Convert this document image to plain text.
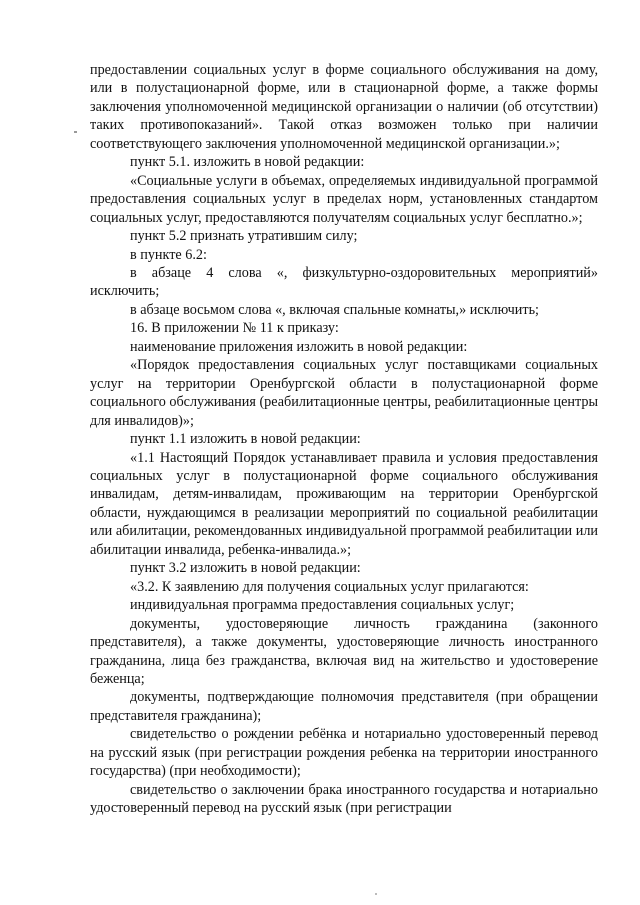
предоставлении социальных услуг в форме социального обслуживания на дому, или в полустационарной форме, или в стационарной форме, а также формы заключения уполномоченной медицинской организации о наличии (об отсутствии) таких противопоказаний». Такой отказ возможен только при наличии соответствующего заключения уполномоченной медицинской организации.»;

пункт 5.1. изложить в новой редакции:

«Социальные услуги в объемах, определяемых индивидуальной программой предоставления социальных услуг в пределах норм, установленных стандартом социальных услуг, предоставляются получателям социальных услуг бесплатно.»;

пункт 5.2 признать утратившим силу;

в пункте 6.2:

в абзаце 4 слова «, физкультурно-оздоровительных мероприятий» исключить;

в абзаце восьмом слова «, включая спальные комнаты,» исключить;

16. В приложении № 11 к приказу:

наименование приложения изложить в новой редакции:

«Порядок предоставления социальных услуг поставщиками социальных услуг на территории Оренбургской области в полустационарной форме социального обслуживания (реабилитационные центры, реабилитационные центры для инвалидов)»;

пункт 1.1 изложить в новой редакции:

«1.1 Настоящий Порядок устанавливает правила и условия предоставления социальных услуг в полустационарной форме социального обслуживания инвалидам, детям-инвалидам, проживающим на территории Оренбургской области, нуждающимся в реализации мероприятий по социальной реабилитации или абилитации, рекомендованных индивидуальной программой реабилитации или абилитации инвалида, ребенка-инвалида.»;

пункт 3.2 изложить в новой редакции:

«3.2. К заявлению для получения социальных услуг прилагаются:

индивидуальная программа предоставления социальных услуг;

документы, удостоверяющие личность гражданина (законного представителя), а также документы, удостоверяющие личность иностранного гражданина, лица без гражданства, включая вид на жительство и удостоверение беженца;

документы, подтверждающие полномочия представителя (при обращении представителя гражданина);

свидетельство о рождении ребёнка и нотариально удостоверенный перевод на русский язык (при регистрации рождения ребенка на территории иностранного государства) (при необходимости);

свидетельство о заключении брака иностранного государства и нотариально удостоверенный перевод на русский язык (при регистрации
